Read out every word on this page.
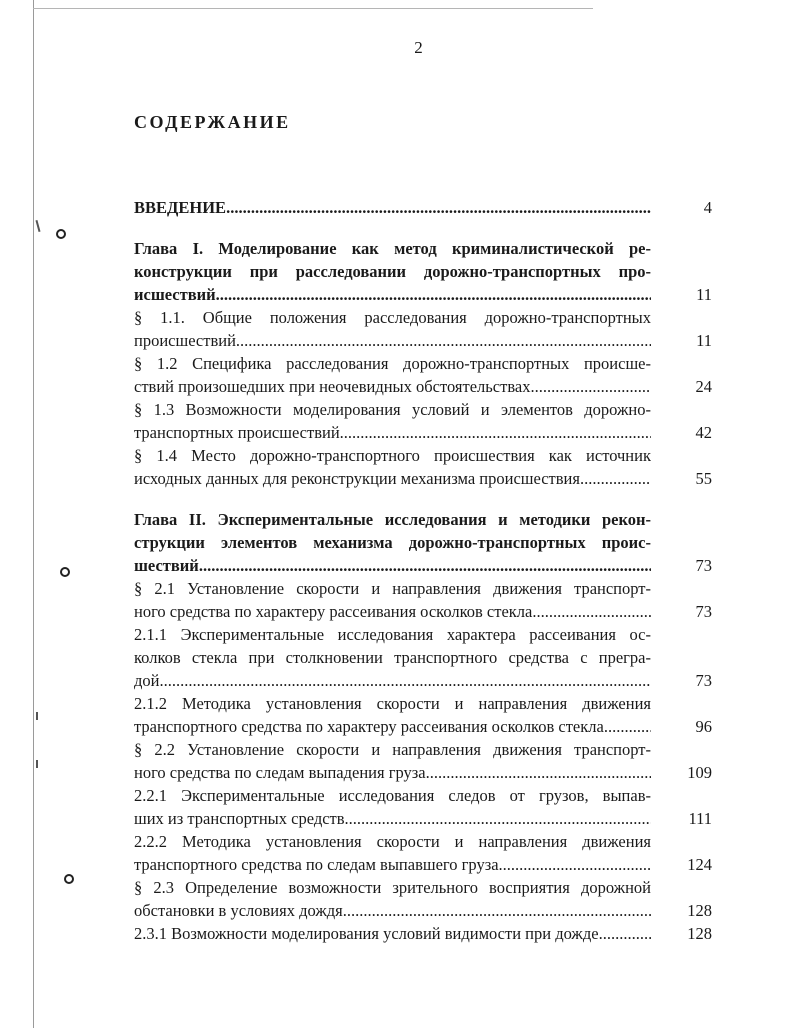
2
СОДЕРЖАНИЕ
ВВЕДЕНИЕ .....	4
Глава I. Моделирование как метод криминалистической ре-
конструкции при расследовании дорожно-транспортных про-
исшествий .....	11
§ 1.1. Общие положения расследования дорожно-транспортных
происшествий .....	11
§ 1.2 Специфика расследования дорожно-транспортных происше-
ствий произошедших при неочевидных обстоятельствах .....	24
§ 1.3 Возможности моделирования условий и элементов дорожно-
транспортных происшествий .....	42
§ 1.4 Место дорожно-транспортного происшествия как источник
исходных данных для реконструкции механизма происшествия .....	55
Глава II. Экспериментальные исследования и методики рекон-
струкции элементов механизма дорожно-транспортных проис-
шествий .....	73
§ 2.1 Установление скорости и направления движения транспорт-
ного средства по характеру рассеивания осколков стекла .....	73
2.1.1 Экспериментальные исследования характера рассеивания ос-
колков стекла при столкновении транспортного средства с прегра-
дой .....	73
2.1.2 Методика установления скорости и направления движения
транспортного средства по характеру рассеивания осколков стекла .....	96
§ 2.2 Установление скорости и направления движения транспорт-
ного средства по следам выпадения груза .....	109
2.2.1 Экспериментальные исследования следов от грузов, выпав-
ших из транспортных средств .....	111
2.2.2 Методика установления скорости и направления движения
транспортного средства по следам выпавшего груза .....	124
§ 2.3 Определение возможности зрительного восприятия дорожной
обстановки в условиях дождя .....	128
2.3.1 Возможности моделирования условий видимости при дожде .....	128
